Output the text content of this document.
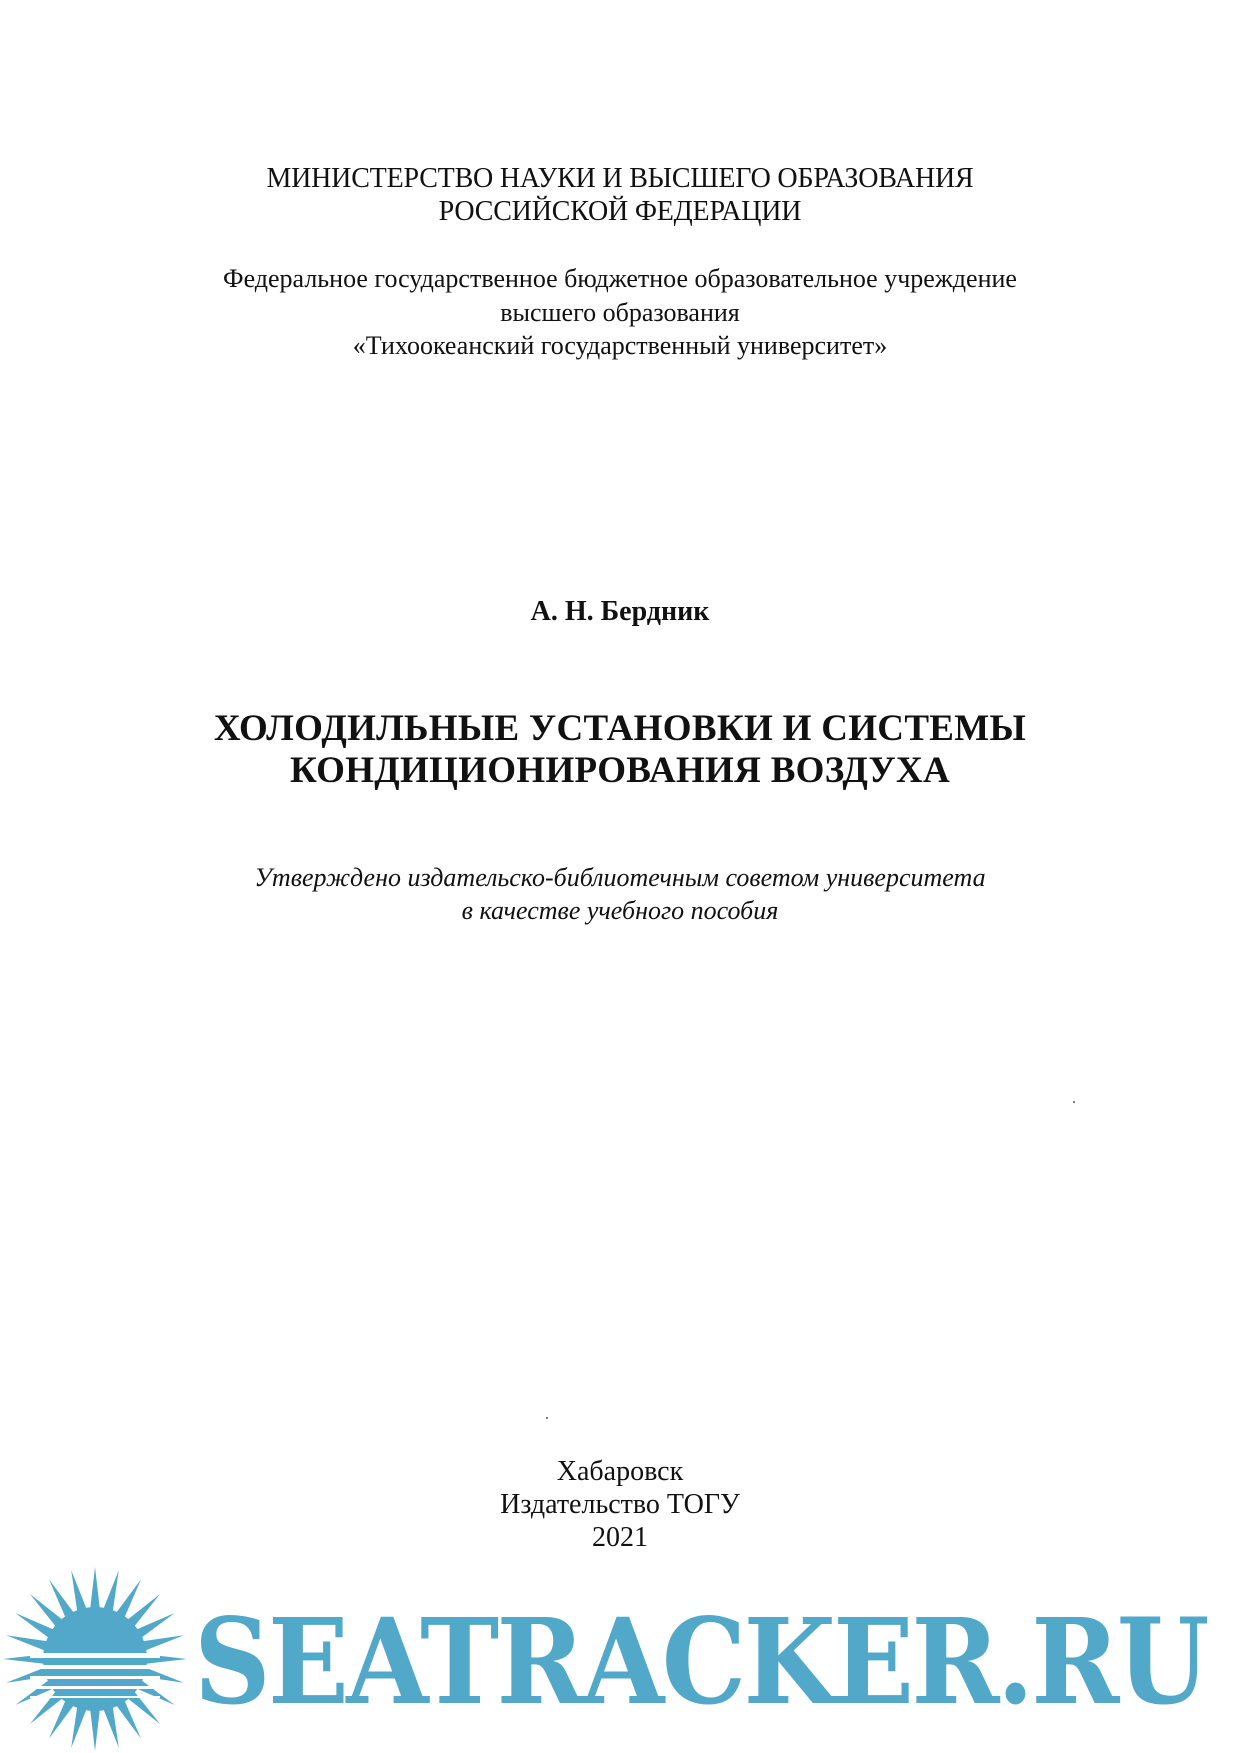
МИНИСТЕРСТВО НАУКИ И ВЫСШЕГО ОБРАЗОВАНИЯ
РОССИЙСКОЙ ФЕДЕРАЦИИ
Федеральное государственное бюджетное образовательное учреждение
высшего образования
«Тихоокеанский государственный университет»
А. Н. Бердник
ХОЛОДИЛЬНЫЕ УСТАНОВКИ И СИСТЕМЫ
КОНДИЦИОНИРОВАНИЯ ВОЗДУХА
Утверждено издательско-библиотечным советом университета
в качестве учебного пособия
Хабаровск
Издательство ТОГУ
2021
SEATRACKER.RU
